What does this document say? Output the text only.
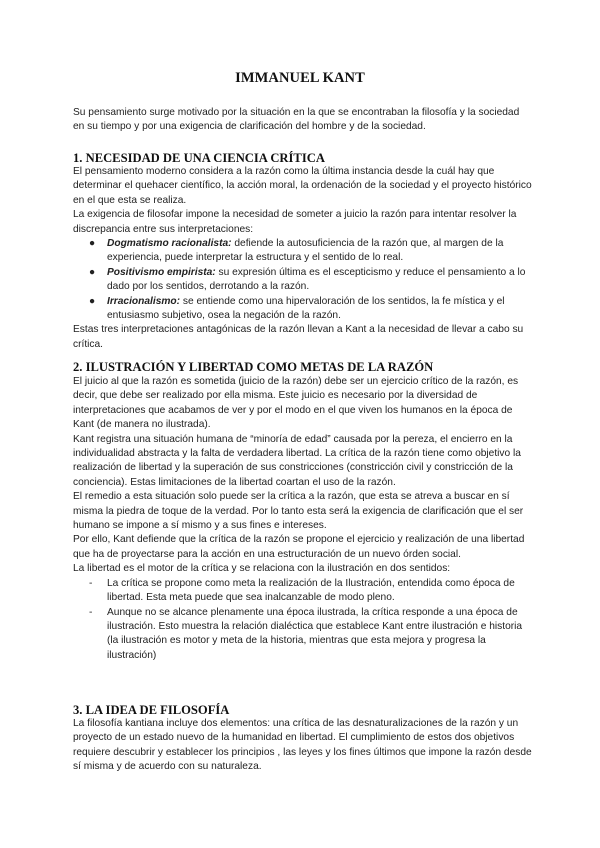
IMMANUEL KANT

Su pensamiento surge motivado por la situación en la que se encontraban la filosofía y la sociedad en su tiempo y por una exigencia de clarificación del hombre y de la sociedad.

1. NECESIDAD DE UNA CIENCIA CRÍTICA

El pensamiento moderno considera a la razón como la última instancia desde la cuál hay que determinar el quehacer científico, la acción moral, la ordenación de la sociedad y el proyecto histórico en el que esta se realiza.

La exigencia de filosofar impone la necesidad de someter a juicio la razón para intentar resolver la discrepancia entre sus interpretaciones:

● Dogmatismo racionalista: defiende la autosuficiencia de la razón que, al margen de la experiencia, puede interpretar la estructura y el sentido de lo real.
● Positivismo empirista: su expresión última es el escepticismo y reduce el pensamiento a lo dado por los sentidos, derrotando a la razón.
● Irracionalismo: se entiende como una hipervaloración de los sentidos, la fe mística y el entusiasmo subjetivo, osea la negación de la razón.

Estas tres interpretaciones antagónicas de la razón llevan a Kant a la necesidad de llevar a cabo su crítica.

2. ILUSTRACIÓN Y LIBERTAD COMO METAS DE LA RAZÓN

El juicio al que la razón es sometida (juicio de la razón) debe ser un ejercicio crítico de la razón, es decir, que debe ser realizado por ella misma. Este juicio es necesario por la diversidad de interpretaciones que acabamos de ver y por el modo en el que viven los humanos en la época de Kant (de manera no ilustrada).

Kant registra una situación humana de “minoría de edad” causada por la pereza, el encierro en la individualidad abstracta y la falta de verdadera libertad. La crítica de la razón tiene como objetivo la realización de libertad y la superación de sus constricciones (constricción civil y constricción de la conciencia). Estas limitaciones de la libertad coartan el uso de la razón.

El remedio a esta situación solo puede ser la crítica a la razón, que esta se atreva a buscar en sí misma la piedra de toque de la verdad. Por lo tanto esta será la exigencia de clarificación que el ser humano se impone a sí mismo y a sus fines e intereses.

Por ello, Kant defiende que la crítica de la razón se propone el ejercicio y realización de una libertad que ha de proyectarse para la acción en una estructuración de un nuevo órden social.

La libertad es el motor de la crítica y se relaciona con la ilustración en dos sentidos:

- La crítica se propone como meta la realización de la Ilustración, entendida como época de libertad. Esta meta puede que sea inalcanzable de modo pleno.
- Aunque no se alcance plenamente una época ilustrada, la crítica responde a una época de ilustración. Esto muestra la relación dialéctica que establece Kant entre ilustración e historia (la ilustración es motor y meta de la historia, mientras que esta mejora y progresa la ilustración)
3. LA IDEA DE FILOSOFÍA

La filosofía kantiana incluye dos elementos: una crítica de las desnaturalizaciones de la razón y un proyecto de un estado nuevo de la humanidad en libertad. El cumplimiento de estos dos objetivos requiere descubrir y establecer los principios , las leyes y los fines últimos que impone la razón desde sí misma y de acuerdo con su naturaleza.
